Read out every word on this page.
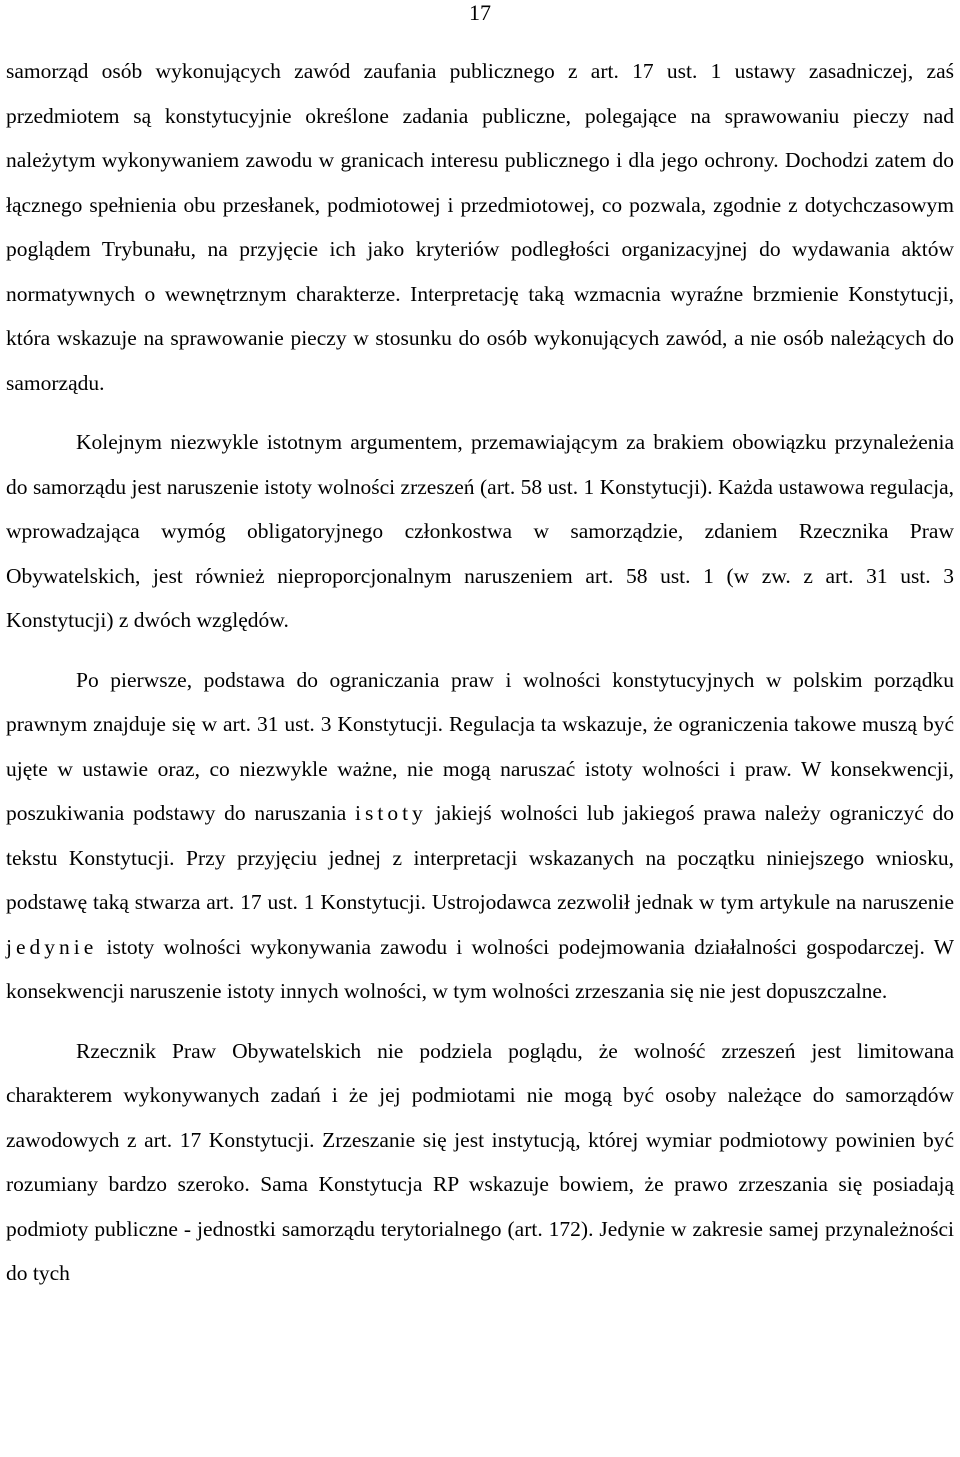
17

samorząd osób wykonujących zawód zaufania publicznego z art. 17 ust. 1 ustawy zasadniczej, zaś przedmiotem są konstytucyjnie określone zadania publiczne, polegające na sprawowaniu pieczy nad należytym wykonywaniem zawodu w granicach interesu publicznego i dla jego ochrony. Dochodzi zatem do łącznego spełnienia obu przesłanek, podmiotowej i przedmiotowej, co pozwala, zgodnie z dotychczasowym poglądem Trybunału, na przyjęcie ich jako kryteriów podległości organizacyjnej do wydawania aktów normatywnych o wewnętrznym charakterze. Interpretację taką wzmacnia wyraźne brzmienie Konstytucji, która wskazuje na sprawowanie pieczy w stosunku do osób wykonujących zawód, a nie osób należących do samorządu.

Kolejnym niezwykle istotnym argumentem, przemawiającym za brakiem obowiązku przynależenia do samorządu jest naruszenie istoty wolności zrzeszeń (art. 58 ust. 1 Konstytucji). Każda ustawowa regulacja, wprowadzająca wymóg obligatoryjnego członkostwa w samorządzie, zdaniem Rzecznika Praw Obywatelskich, jest również nieproporcjonalnym naruszeniem art. 58 ust. 1 (w zw. z art. 31 ust. 3 Konstytucji) z dwóch względów.

Po pierwsze, podstawa do ograniczania praw i wolności konstytucyjnych w polskim porządku prawnym znajduje się w art. 31 ust. 3 Konstytucji. Regulacja ta wskazuje, że ograniczenia takowe muszą być ujęte w ustawie oraz, co niezwykle ważne, nie mogą naruszać istoty wolności i praw. W konsekwencji, poszukiwania podstawy do naruszania istoty jakiejś wolności lub jakiegoś prawa należy ograniczyć do tekstu Konstytucji. Przy przyjęciu jednej z interpretacji wskazanych na początku niniejszego wniosku, podstawę taką stwarza art. 17 ust. 1 Konstytucji. Ustrojodawca zezwolił jednak w tym artykule na naruszenie jedynie istoty wolności wykonywania zawodu i wolności podejmowania działalności gospodarczej. W konsekwencji naruszenie istoty innych wolności, w tym wolności zrzeszania się nie jest dopuszczalne.

Rzecznik Praw Obywatelskich nie podziela poglądu, że wolność zrzeszeń jest limitowana charakterem wykonywanych zadań i że jej podmiotami nie mogą być osoby należące do samorządów zawodowych z art. 17 Konstytucji. Zrzeszanie się jest instytucją, której wymiar podmiotowy powinien być rozumiany bardzo szeroko. Sama Konstytucja RP wskazuje bowiem, że prawo zrzeszania się posiadają podmioty publiczne - jednostki samorządu terytorialnego (art. 172). Jedynie w zakresie samej przynależności do tych
